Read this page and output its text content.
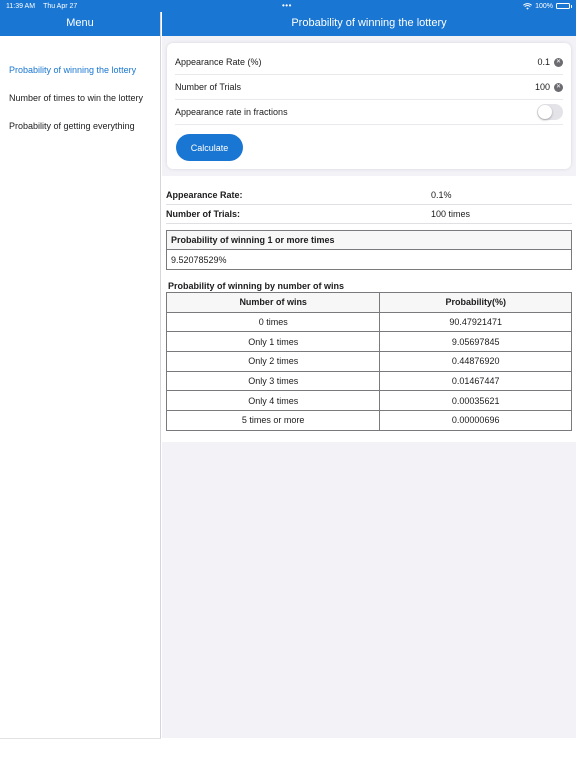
11:39 AM Thu Apr 27	•••	100%
Menu
Probability of winning the lottery
Number of times to win the lottery
Probability of getting everything
Probability of winning the lottery
Appearance Rate (%)
0.1	✕
Number of Trials
100	✕
Appearance rate in fractions
Calculate
Appearance Rate:	0.1%
Number of Trials:	100 times
Probability of winning 1 or more times
9.52078529%
Probability of winning by number of wins
Number of wins	Probability(%)
0 times	90.47921471
Only 1 times	9.05697845
Only 2 times	0.44876920
Only 3 times	0.01467447
Only 4 times	0.00035621
5 times or more	0.00000696
